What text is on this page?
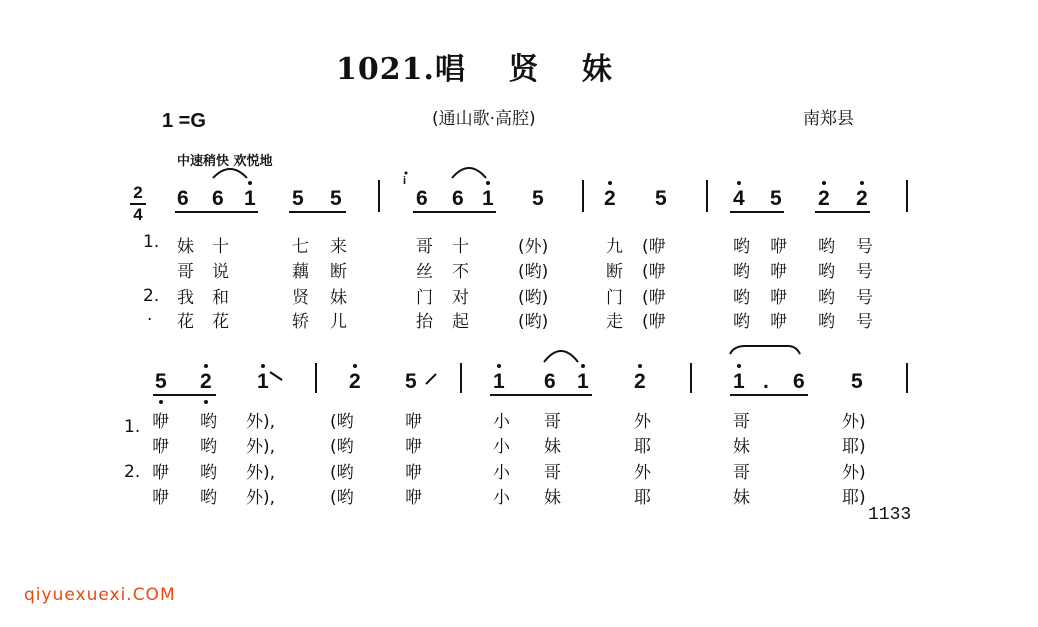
1021.唱　 贤　 妹
1 =G	(通山歌·高腔)	南郑县
中速稍快 欢悦地
2
4
6 6 1 5 5	6 6 1 5	2 5	4 5 2 2
1.
2.
·
5 2 1	2 5	1 6 1 2	1 . 6 5
1.
2.
妹 十	七 来	哥 十	(外)	九 (咿	哟 咿 哟 号
哥 说	藕 断	丝 不	(哟)	断 (咿	哟 咿 哟 号
我 和	贤 妹	门 对	(哟)	门 (咿	哟 咿 哟 号
花 花	轿 儿	抬 起	(哟)	走 (咿	哟 咿 哟 号
咿 哟 外),	(哟	咿	小 哥	外	哥	外)
咿 哟 外),	(哟	咿	小 妹	耶	妹	耶)
咿 哟 外),	(哟	咿	小 哥	外	哥	外)
咿 哟 外),	(哟	咿	小 妹	耶	妹	耶)
1133
qiyuexuexi.COM
i
